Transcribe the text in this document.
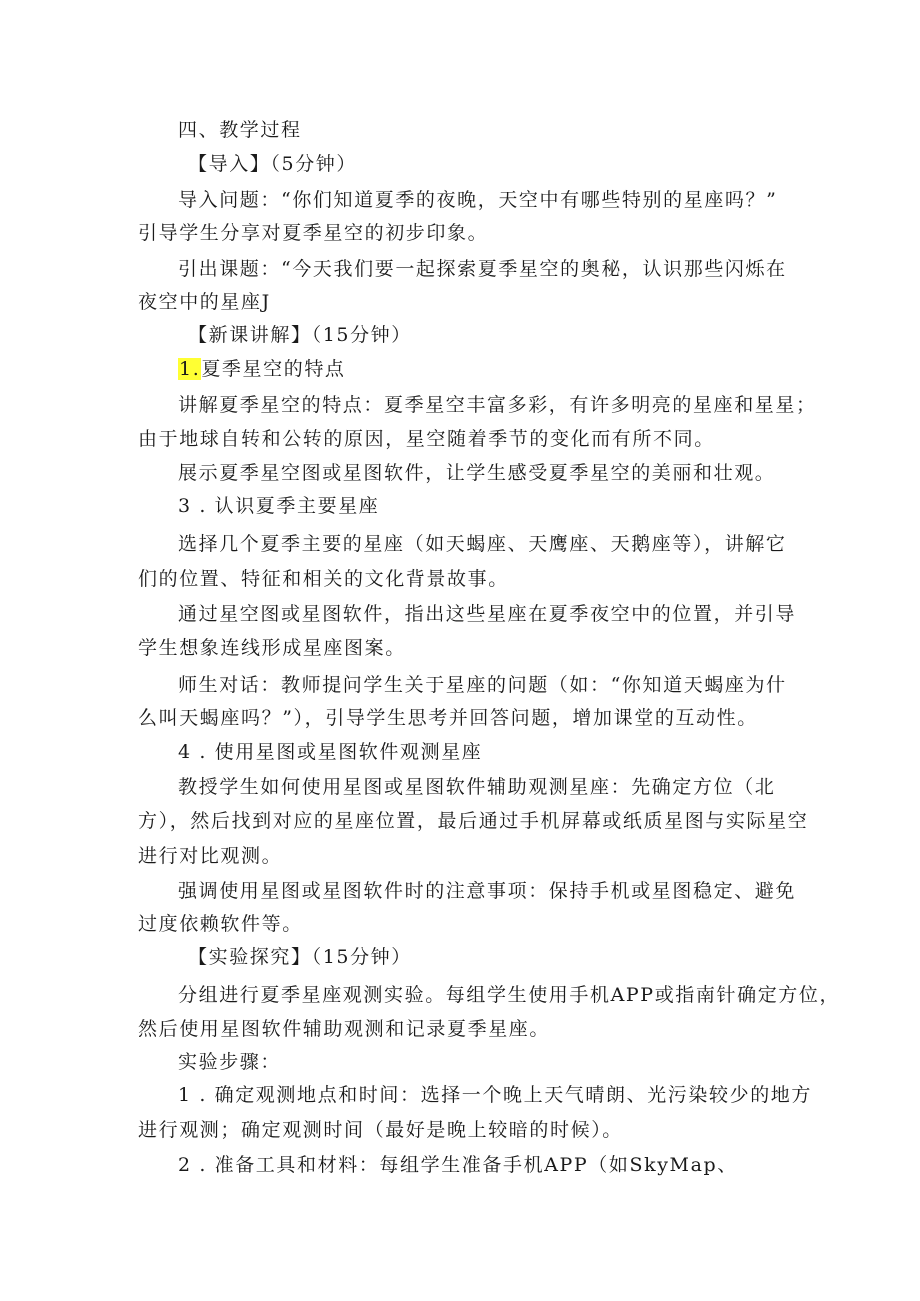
四、教学过程
【导入】（5分钟）
导入问题：“你们知道夏季的夜晚，天空中有哪些特别的星座吗？”
引导学生分享对夏季星空的初步印象。
引出课题：“今天我们要一起探索夏季星空的奥秘，认识那些闪烁在
夜空中的星座J
【新课讲解】（15分钟）
1.夏季星空的特点
讲解夏季星空的特点：夏季星空丰富多彩，有许多明亮的星座和星星；
由于地球自转和公转的原因，星空随着季节的变化而有所不同。
展示夏季星空图或星图软件，让学生感受夏季星空的美丽和壮观。
3 . 认识夏季主要星座
选择几个夏季主要的星座（如天蝎座、天鹰座、天鹅座等），讲解它
们的位置、特征和相关的文化背景故事。
通过星空图或星图软件，指出这些星座在夏季夜空中的位置，并引导
学生想象连线形成星座图案。
师生对话：教师提问学生关于星座的问题（如：“你知道天蝎座为什
么叫天蝎座吗？”），引导学生思考并回答问题，增加课堂的互动性。
4 . 使用星图或星图软件观测星座
教授学生如何使用星图或星图软件辅助观测星座：先确定方位（北
方），然后找到对应的星座位置，最后通过手机屏幕或纸质星图与实际星空
进行对比观测。
强调使用星图或星图软件时的注意事项：保持手机或星图稳定、避免
过度依赖软件等。
【实验探究】（15分钟）
分组进行夏季星座观测实验。每组学生使用手机APP或指南针确定方位，
然后使用星图软件辅助观测和记录夏季星座。
实验步骤：
1 . 确定观测地点和时间：选择一个晚上天气晴朗、光污染较少的地方
进行观测；确定观测时间（最好是晚上较暗的时候）。
2 . 准备工具和材料：每组学生准备手机APP（如SkyMap、
